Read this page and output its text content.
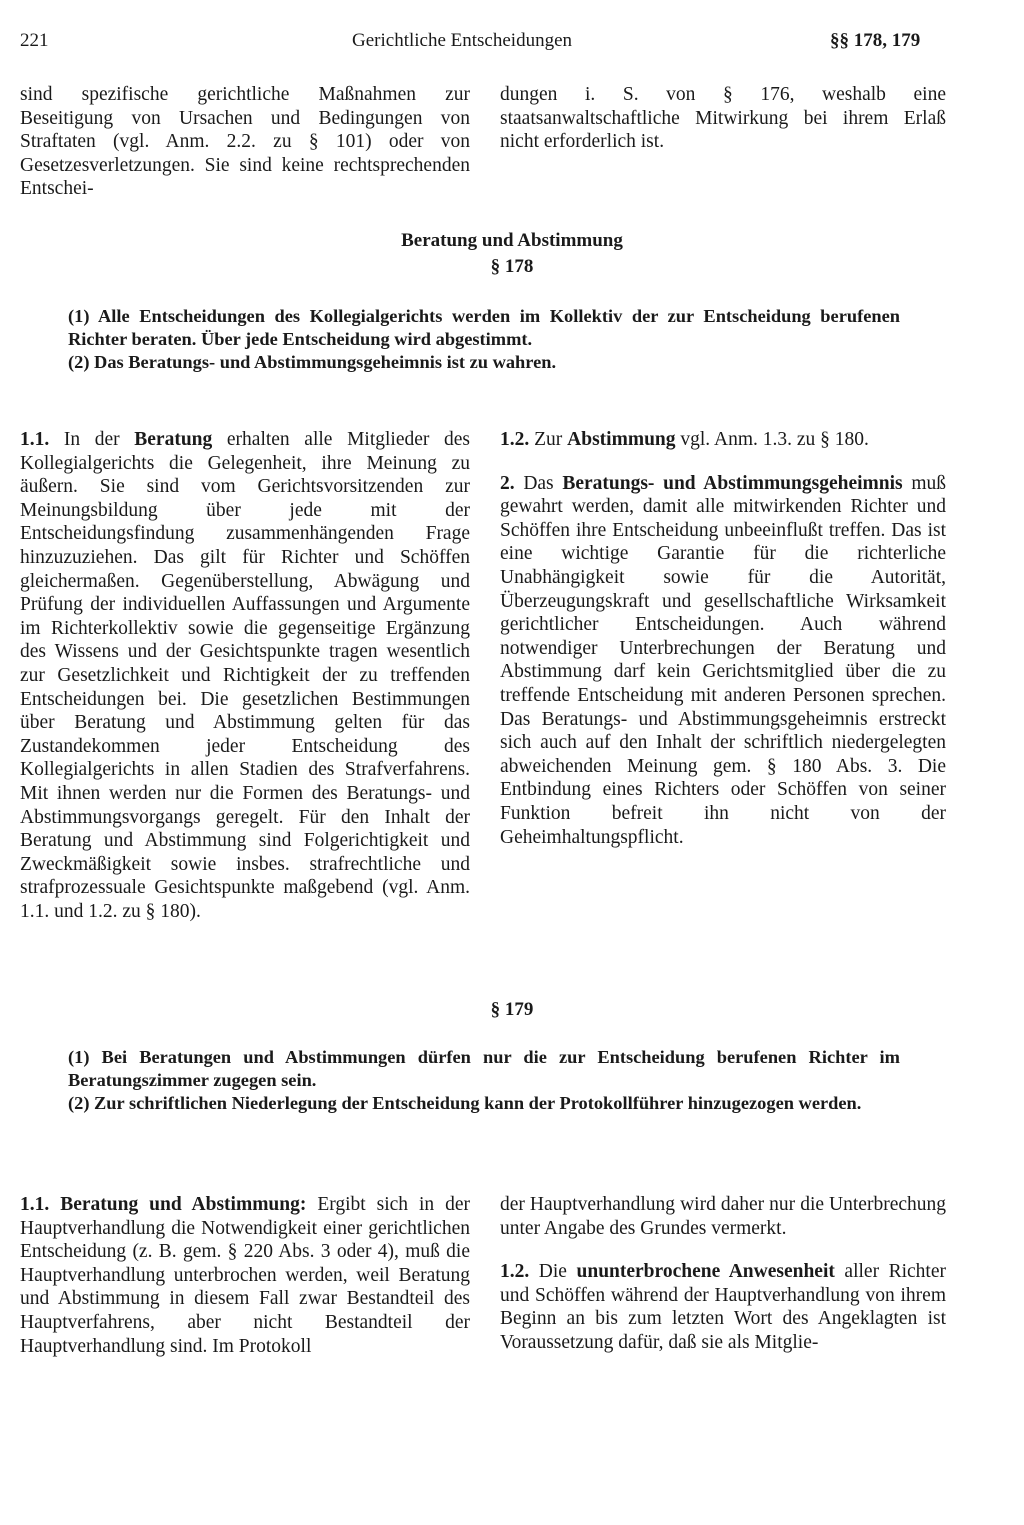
221	Gerichtliche Entscheidungen	§§ 178, 179

sind spezifische gerichtliche Maßnahmen zur Beseitigung von Ursachen und Bedingungen von Straftaten (vgl. Anm. 2.2. zu § 101) oder von Gesetzesverletzungen. Sie sind keine rechtsprechenden Entschei-

dungen i. S. von § 176, weshalb eine staatsanwaltschaftliche Mitwirkung bei ihrem Erlaß nicht erforderlich ist.

Beratung und Abstimmung
§ 178

(1) Alle Entscheidungen des Kollegialgerichts werden im Kollektiv der zur Entscheidung berufenen Richter beraten. Über jede Entscheidung wird abgestimmt.

(2) Das Beratungs- und Abstimmungsgeheimnis ist zu wahren.

1.1. In der Beratung erhalten alle Mitglieder des Kollegialgerichts die Gelegenheit, ihre Meinung zu äußern. Sie sind vom Gerichtsvorsitzenden zur Meinungsbildung über jede mit der Entscheidungsfindung zusammenhängenden Frage hinzuzuziehen. Das gilt für Richter und Schöffen gleichermaßen. Gegenüberstellung, Abwägung und Prüfung der individuellen Auffassungen und Argumente im Richterkollektiv sowie die gegenseitige Ergänzung des Wissens und der Gesichtspunkte tragen wesentlich zur Gesetzlichkeit und Richtigkeit der zu treffenden Entscheidungen bei. Die gesetzlichen Bestimmungen über Beratung und Abstimmung gelten für das Zustandekommen jeder Entscheidung des Kollegialgerichts in allen Stadien des Strafverfahrens. Mit ihnen werden nur die Formen des Beratungs- und Abstimmungsvorgangs geregelt. Für den Inhalt der Beratung und Abstimmung sind Folgerichtigkeit und Zweckmäßigkeit sowie insbes. strafrechtliche und strafprozessuale Gesichtspunkte maßgebend (vgl. Anm. 1.1. und 1.2. zu § 180).

1.2. Zur Abstimmung vgl. Anm. 1.3. zu § 180.

2. Das Beratungs- und Abstimmungsgeheimnis muß gewahrt werden, damit alle mitwirkenden Richter und Schöffen ihre Entscheidung unbeeinflußt treffen. Das ist eine wichtige Garantie für die richterliche Unabhängigkeit sowie für die Autorität, Überzeugungskraft und gesellschaftliche Wirksamkeit gerichtlicher Entscheidungen. Auch während notwendiger Unterbrechungen der Beratung und Abstimmung darf kein Gerichtsmitglied über die zu treffende Entscheidung mit anderen Personen sprechen. Das Beratungs- und Abstimmungsgeheimnis erstreckt sich auch auf den Inhalt der schriftlich niedergelegten abweichenden Meinung gem. § 180 Abs. 3. Die Entbindung eines Richters oder Schöffen von seiner Funktion befreit ihn nicht von der Geheimhaltungspflicht.

§ 179

(1) Bei Beratungen und Abstimmungen dürfen nur die zur Entscheidung berufenen Richter im Beratungszimmer zugegen sein.

(2) Zur schriftlichen Niederlegung der Entscheidung kann der Protokollführer hinzugezogen werden.

1.1. Beratung und Abstimmung: Ergibt sich in der Hauptverhandlung die Notwendigkeit einer gerichtlichen Entscheidung (z. B. gem. § 220 Abs. 3 oder 4), muß die Hauptverhandlung unterbrochen werden, weil Beratung und Abstimmung in diesem Fall zwar Bestandteil des Hauptverfahrens, aber nicht Bestandteil der Hauptverhandlung sind. Im Protokoll

der Hauptverhandlung wird daher nur die Unterbrechung unter Angabe des Grundes vermerkt.

1.2. Die ununterbrochene Anwesenheit aller Richter und Schöffen während der Hauptverhandlung von ihrem Beginn an bis zum letzten Wort des Angeklagten ist Voraussetzung dafür, daß sie als Mitglie-
